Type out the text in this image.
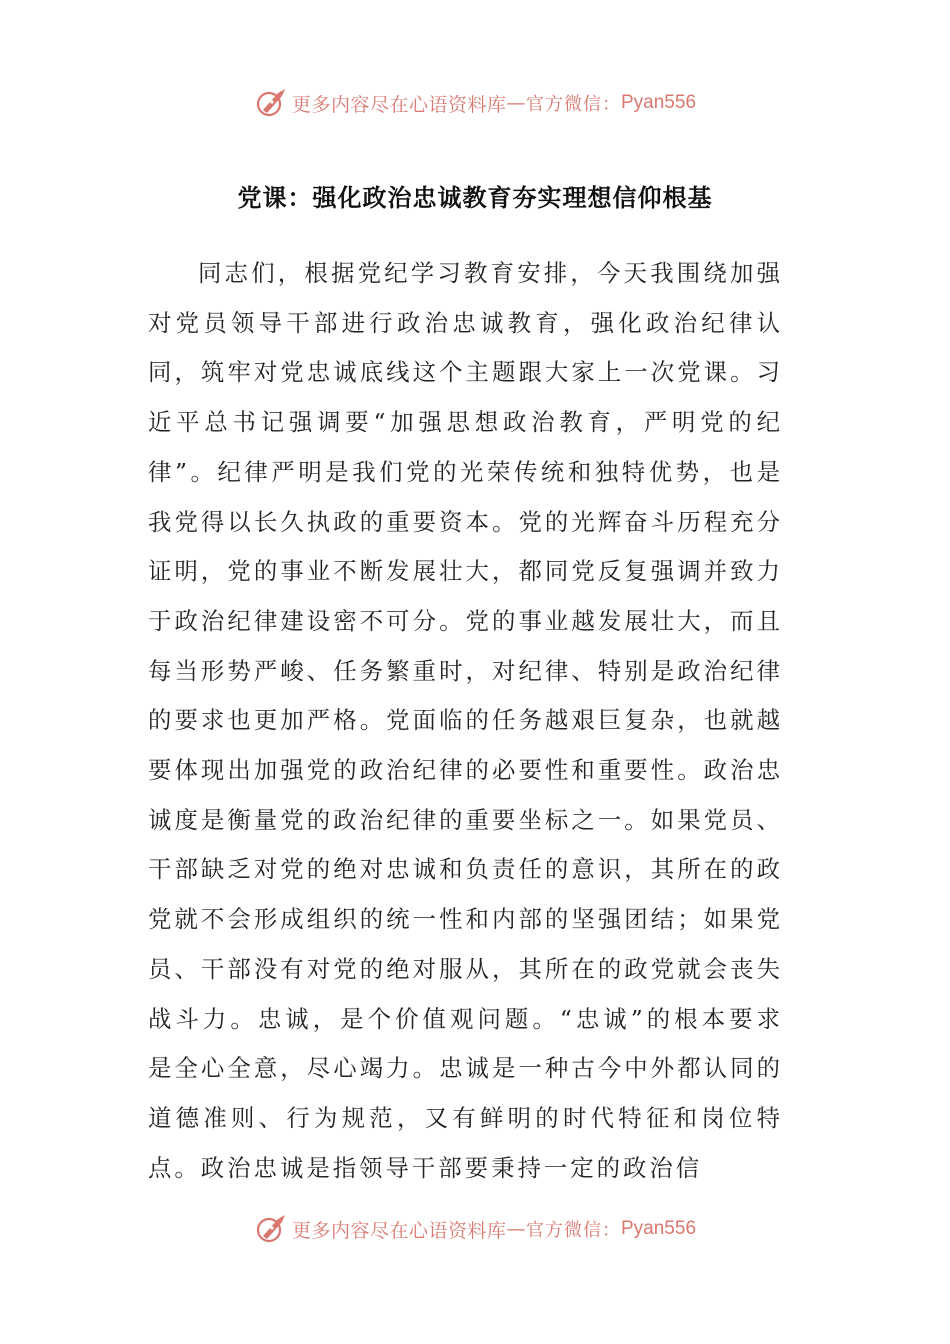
更多内容尽在心语资料库 — 官方微信： Pyan556
党课：强化政治忠诚教育夯实理想信仰根基

同志们，根据党纪学习教育安排，今天我围绕加强对党员领导干部进行政治忠诚教育，强化政治纪律认同，筑牢对党忠诚底线这个主题跟大家上一次党课。习近平总书记强调要“加强思想政治教育，严明党的纪律”。纪律严明是我们党的光荣传统和独特优势，也是我党得以长久执政的重要资本。党的光辉奋斗历程充分证明，党的事业不断发展壮大，都同党反复强调并致力于政治纪律建设密不可分。党的事业越发展壮大，而且每当形势严峻、任务繁重时，对纪律、特别是政治纪律的要求也更加严格。党面临的任务越艰巨复杂，也就越要体现出加强党的政治纪律的必要性和重要性。政治忠诚度是衡量党的政治纪律的重要坐标之一。如果党员、干部缺乏对党的绝对忠诚和负责任的意识，其所在的政党就不会形成组织的统一性和内部的坚强团结；如果党员、干部没有对党的绝对服从，其所在的政党就会丧失战斗力。忠诚，是个价值观问题。“忠诚”的根本要求是全心全意，尽心竭力。忠诚是一种古今中外都认同的道德准则、行为规范，又有鲜明的时代特征和岗位特点。政治忠诚是指领导干部要秉持一定的政治信

更多内容尽在心语资料库 — 官方微信： Pyan556
